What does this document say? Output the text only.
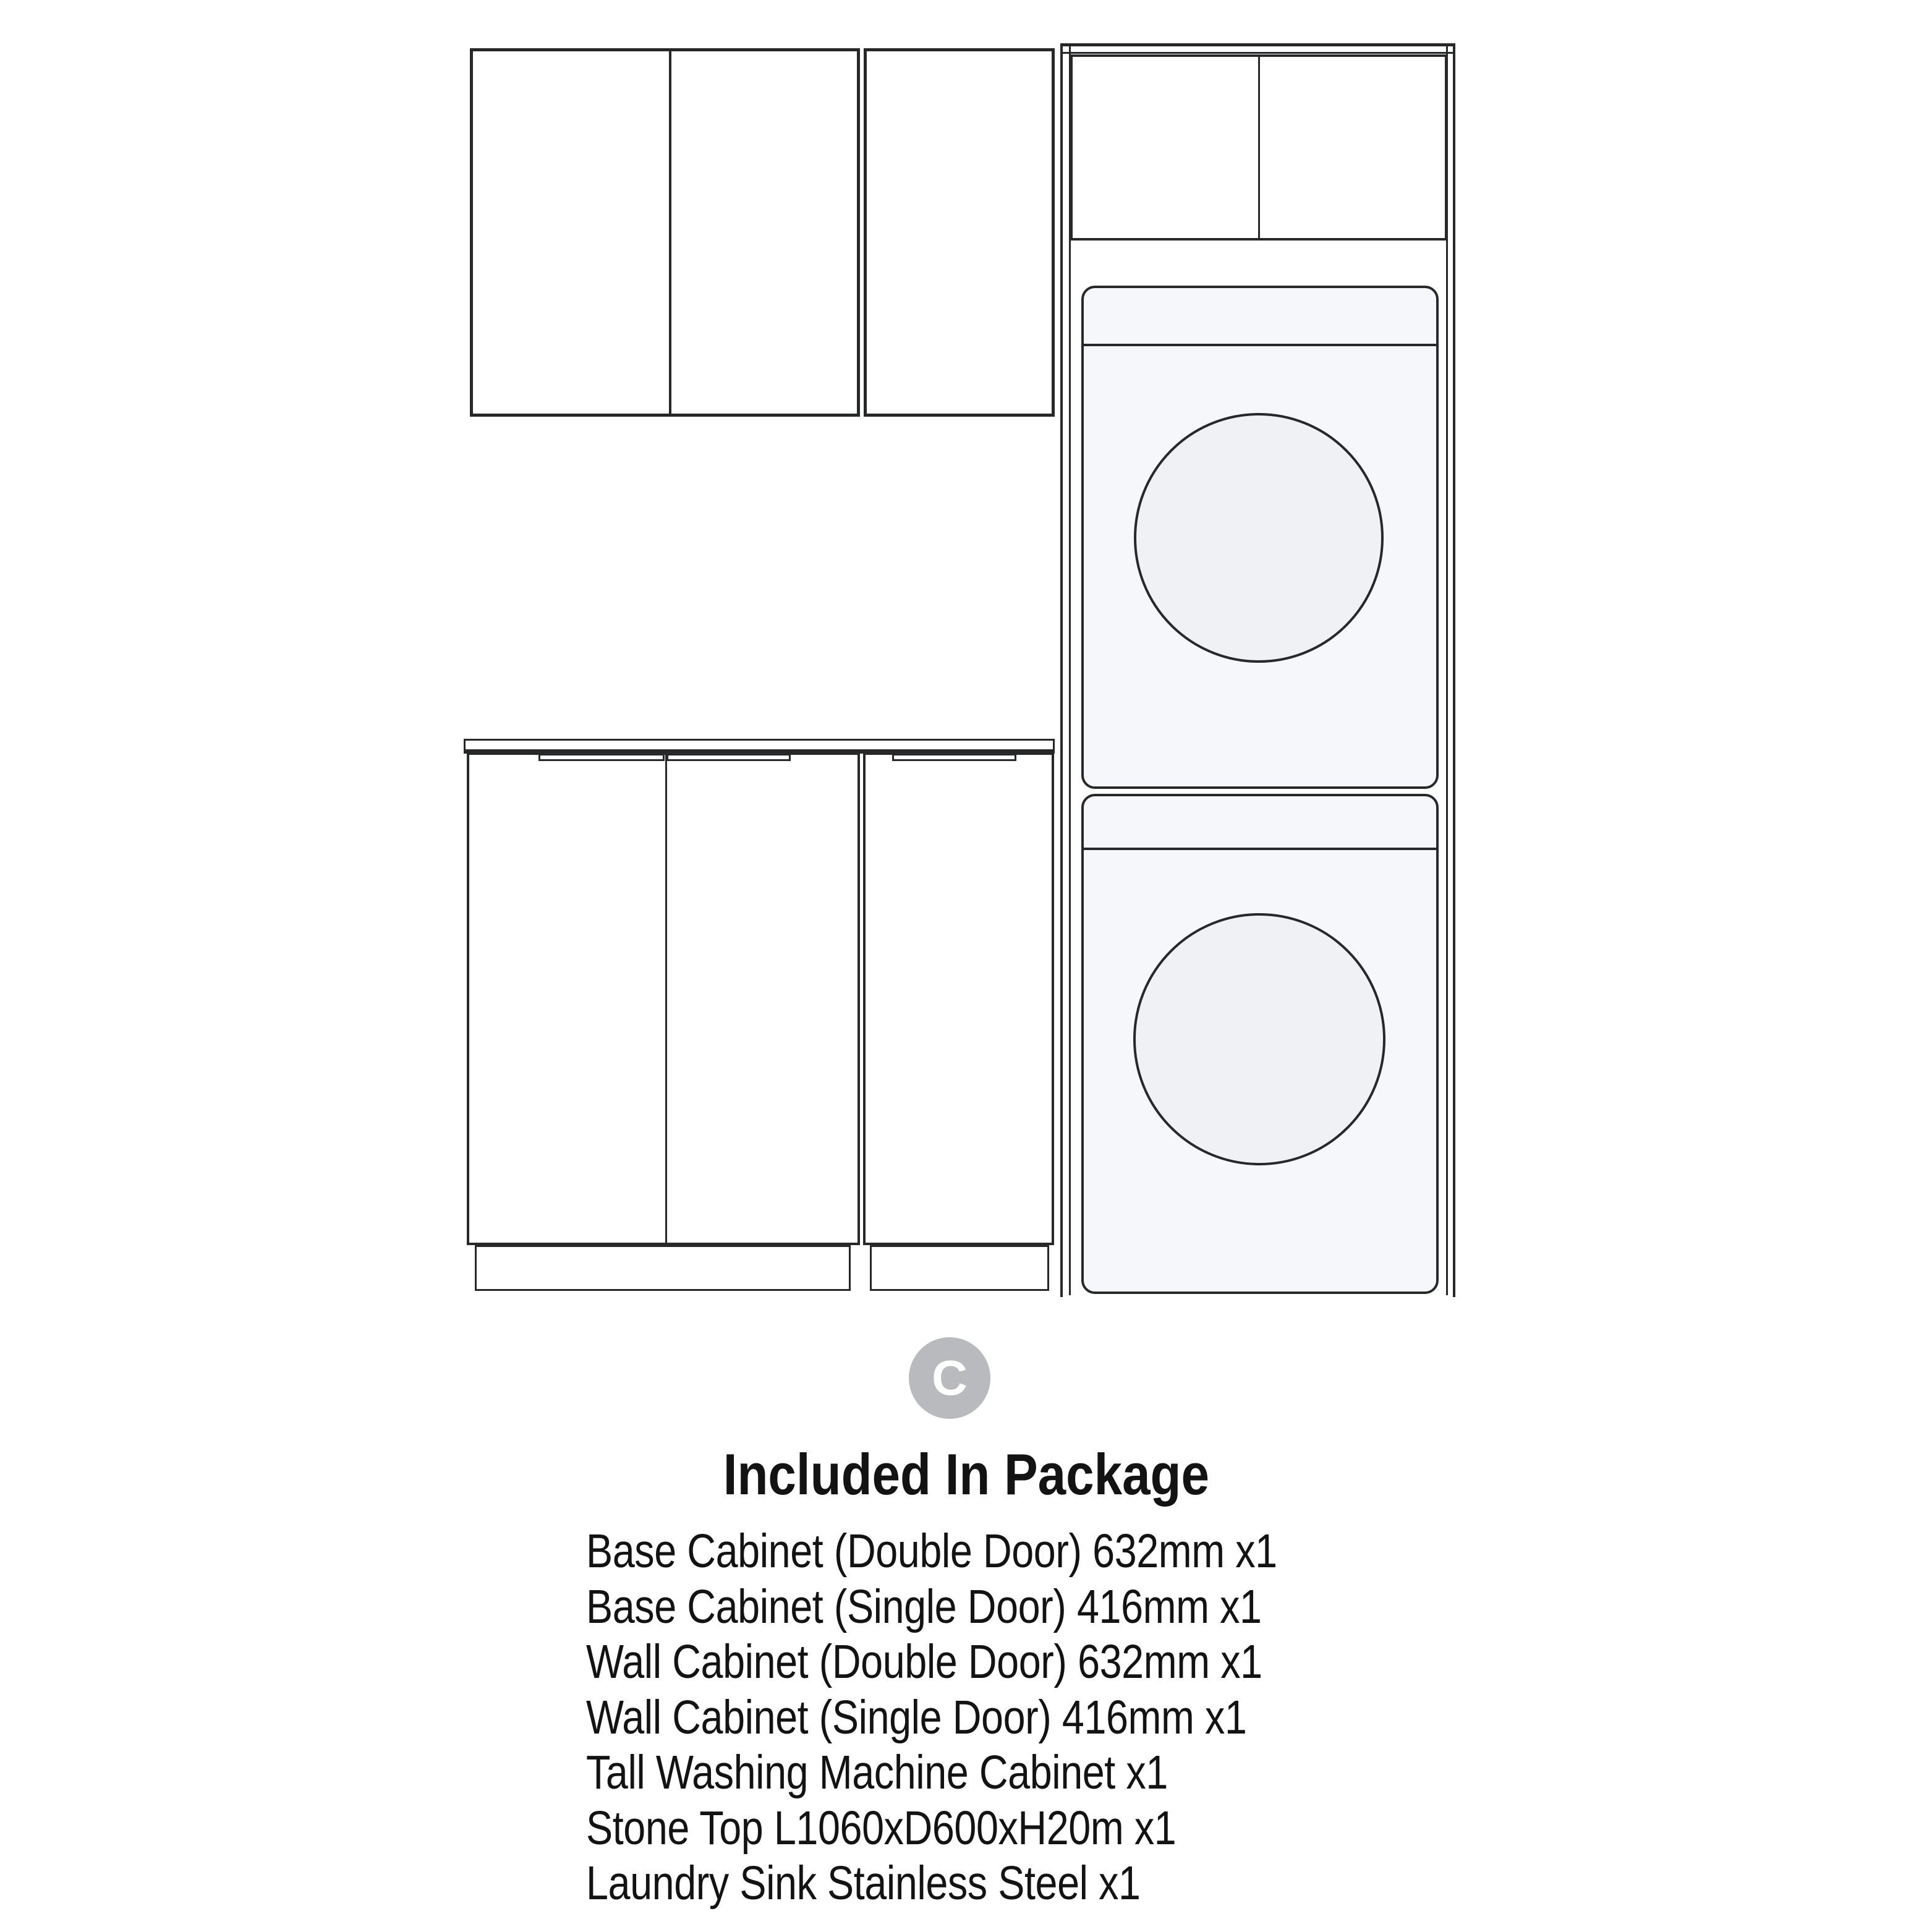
C
Included In Package
Base Cabinet (Double Door) 632mm x1
Base Cabinet (Single Door) 416mm x1
Wall Cabinet (Double Door) 632mm x1
Wall Cabinet (Single Door) 416mm x1
Tall Washing Machine Cabinet x1
Stone Top L1060xD600xH20m x1
Laundry Sink Stainless Steel x1
